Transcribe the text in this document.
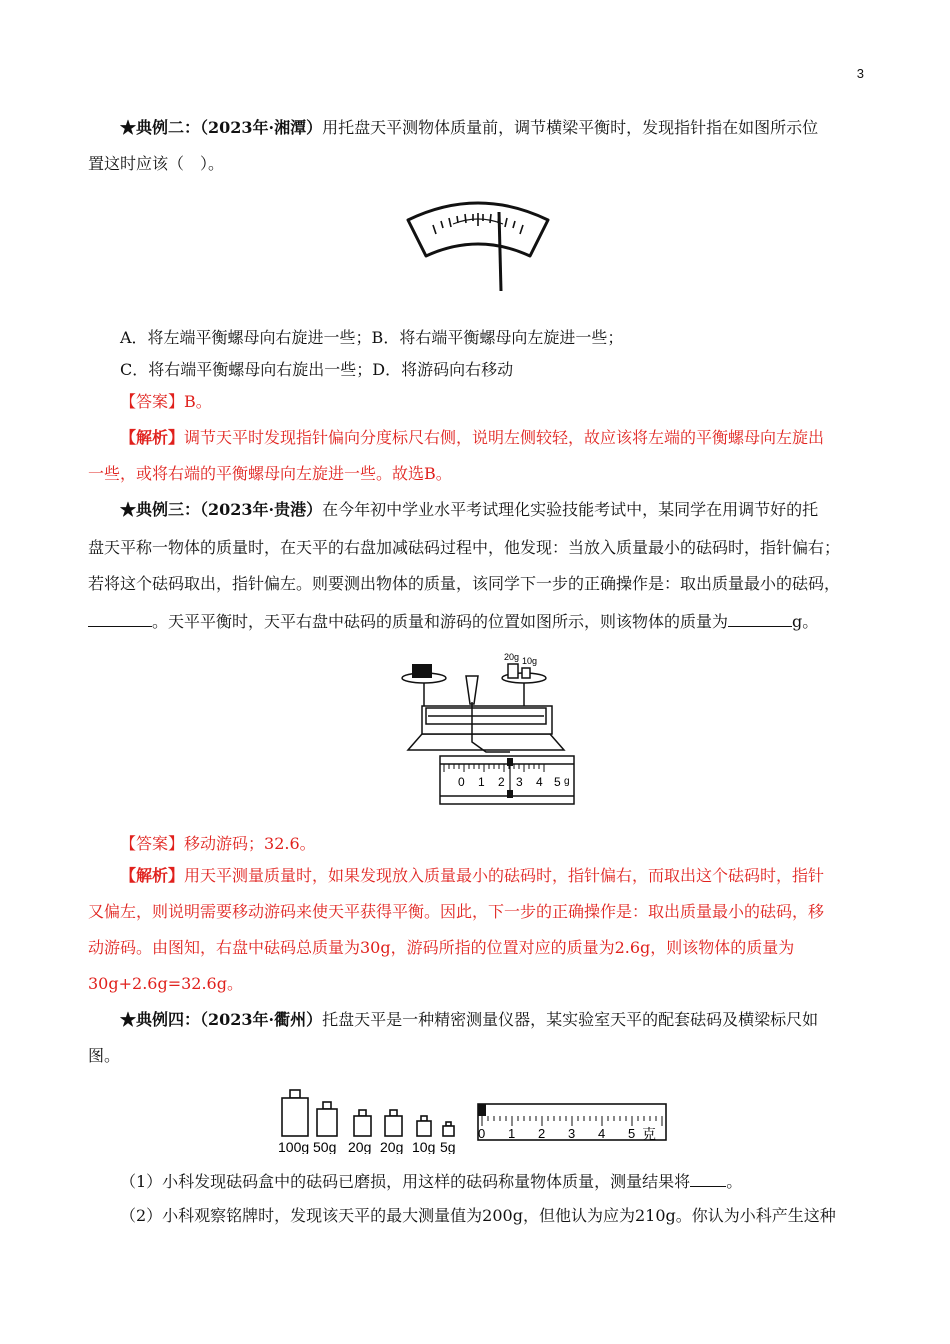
3

★典例二：（2023年·湘潭）用托盘天平测物体质量前，调节横梁平衡时，发现指针指在如图所示位

置这时应该（　）。

A．将左端平衡螺母向右旋进一些；B．将右端平衡螺母向左旋进一些；

C．将右端平衡螺母向右旋出一些；D．将游码向右移动

【答案】B。

【解析】调节天平时发现指针偏向分度标尺右侧，说明左侧较轻，故应该将左端的平衡螺母向左旋出

一些，或将右端的平衡螺母向左旋进一些。故选B。

★典例三：（2023年·贵港）在今年初中学业水平考试理化实验技能考试中，某同学在用调节好的托

盘天平称一物体的质量时，在天平的右盘加减砝码过程中，他发现：当放入质量最小的砝码时，指针偏右；

若将这个砝码取出，指针偏左。则要测出物体的质量，该同学下一步的正确操作是：取出质量最小的砝码，

。天平平衡时，天平右盘中砝码的质量和游码的位置如图所示，则该物体的质量为	g。

20g 10g
0 1 2 3 4 5 g

【答案】移动游码；32.6。

【解析】用天平测量质量时，如果发现放入质量最小的砝码时，指针偏右，而取出这个砝码时，指针

又偏左，则说明需要移动游码来使天平获得平衡。因此，下一步的正确操作是：取出质量最小的砝码，移

动游码。由图知，右盘中砝码总质量为30g，游码所指的位置对应的质量为2.6g，则该物体的质量为

30g+2.6g=32.6g。

★典例四：（2023年·衢州）托盘天平是一种精密测量仪器，某实验室天平的配套砝码及横梁标尺如

图。

100g 50g 20g 20g 10g 5g
0 1 2 3 4 5 克

（1）小科发现砝码盒中的砝码已磨损，用这样的砝码称量物体质量，测量结果将 。

（2）小科观察铭牌时，发现该天平的最大测量值为200g，但他认为应为210g。你认为小科产生这种
